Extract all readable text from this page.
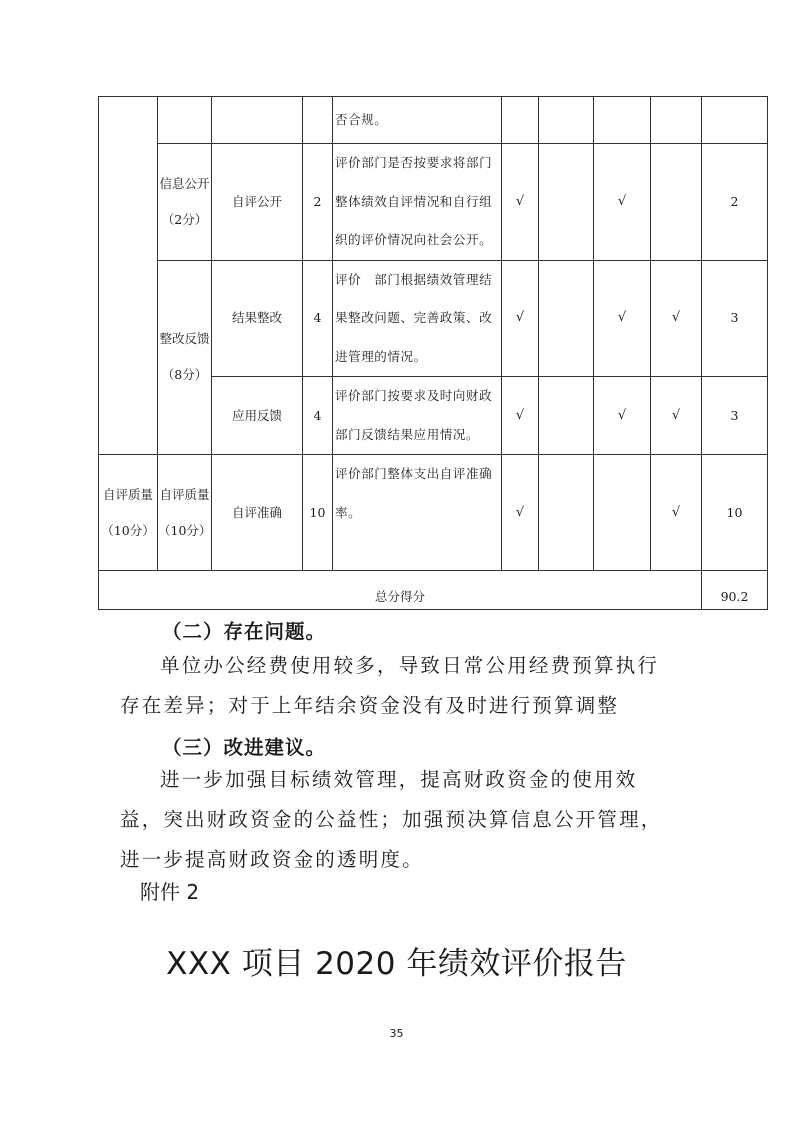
				否合规。					
	信息公开（2分）	自评公开	2	评价部门是否按要求将部门整体绩效自评情况和自行组织的评价情况向社会公开。	√		√		2
	整改反馈（8分）	结果整改	4	评价　部门根据绩效管理结果整改问题、完善政策、改进管理的情况。	√		√	√	3
		应用反馈	4	评价部门按要求及时向财政部门反馈结果应用情况。	√		√	√	3
自评质量（10分）	自评质量（10分）	自评准确	10	评价部门整体支出自评准确率。	√			√	10
总分得分									90.2
（二）存在问题。
单位办公经费使用较多，导致日常公用经费预算执行存在差异；对于上年结余资金没有及时进行预算调整
（三）改进建议。
进一步加强目标绩效管理，提高财政资金的使用效益，突出财政资金的公益性；加强预决算信息公开管理，进一步提高财政资金的透明度。
附件 2
XXX 项目 2020 年绩效评价报告
35
